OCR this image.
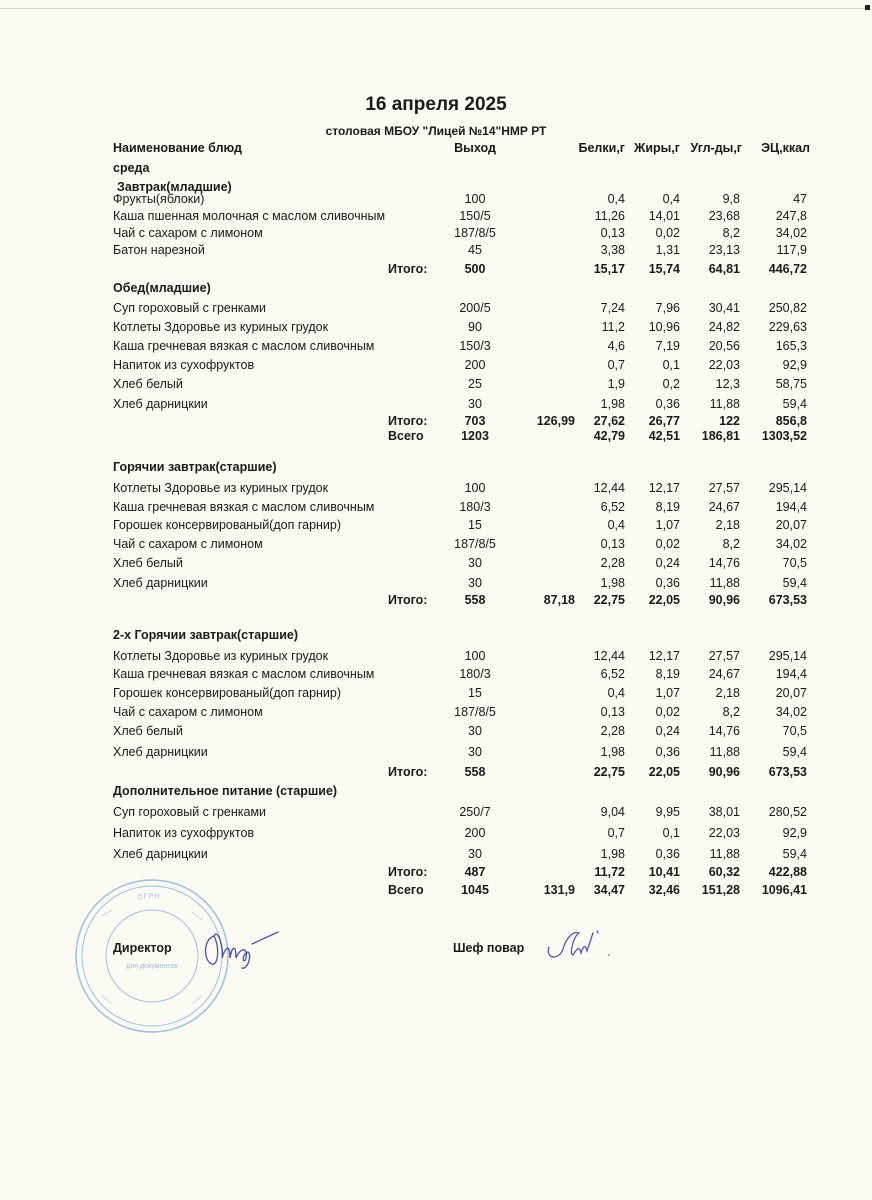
16 апреля 2025
столовая МБОУ "Лицей №14"НМР РТ
Наименование блюд	Выход	Белки,г Жиры,г Угл-ды,г	ЭЦ,ккал
среда
Завтрак(младшие)
Фрукты(яблоки)	100	0,4	0,4	9,8	47
Каша пшенная молочная с маслом сливочным	150/5	11,26	14,01	23,68	247,8
Чай с сахаром с лимоном	187/8/5	0,13	0,02	8,2	34,02
Батон нарезной	45	3,38	1,31	23,13	117,9
Итого:	500	15,17	15,74	64,81	446,72
Обед(младшие)
Суп гороховый с гренками	200/5	7,24	7,96	30,41	250,82
Котлеты Здоровье из куриных грудок	90	11,2	10,96	24,82	229,63
Каша гречневая вязкая с маслом сливочным	150/3	4,6	7,19	20,56	165,3
Напиток из сухофруктов	200	0,7	0,1	22,03	92,9
Хлеб белый	25	1,9	0,2	12,3	58,75
Хлеб дарницкии	30	1,98	0,36	11,88	59,4
Итого:	703	126,99	27,62	26,77	122	856,8
Всего	1203	42,79	42,51	186,81	1303,52
Горячии завтрак(старшие)
Котлеты Здоровье из куриных грудок	100	12,44	12,17	27,57	295,14
Каша гречневая вязкая с маслом сливочным	180/3	6,52	8,19	24,67	194,4
Горошек консервированый(доп гарнир)	15	0,4	1,07	2,18	20,07
Чай с сахаром с лимоном	187/8/5	0,13	0,02	8,2	34,02
Хлеб белый	30	2,28	0,24	14,76	70,5
Хлеб дарницкии	30	1,98	0,36	11,88	59,4
Итого:	558	87,18	22,75	22,05	90,96	673,53
2-х Горячии завтрак(старшие)
Котлеты Здоровье из куриных грудок	100	12,44	12,17	27,57	295,14
Каша гречневая вязкая с маслом сливочным	180/3	6,52	8,19	24,67	194,4
Горошек консервированый(доп гарнир)	15	0,4	1,07	2,18	20,07
Чай с сахаром с лимоном	187/8/5	0,13	0,02	8,2	34,02
Хлеб белый	30	2,28	0,24	14,76	70,5
Хлеб дарницкии	30	1,98	0,36	11,88	59,4
Итого:	558	22,75	22,05	90,96	673,53
Дополнительное питание (старшие)
Суп гороховый с гренками	250/7	9,04	9,95	38,01	280,52
Напиток из сухофруктов	200	0,7	0,1	22,03	92,9
Хлеб дарницкии	30	1,98	0,36	11,88	59,4
Итого:	487	11,72	10,41	60,32	422,88
Всего	1045	131,9	34,47	32,46	151,28	1096,41
ОГРН
для документов
Директор	Шеф повар
